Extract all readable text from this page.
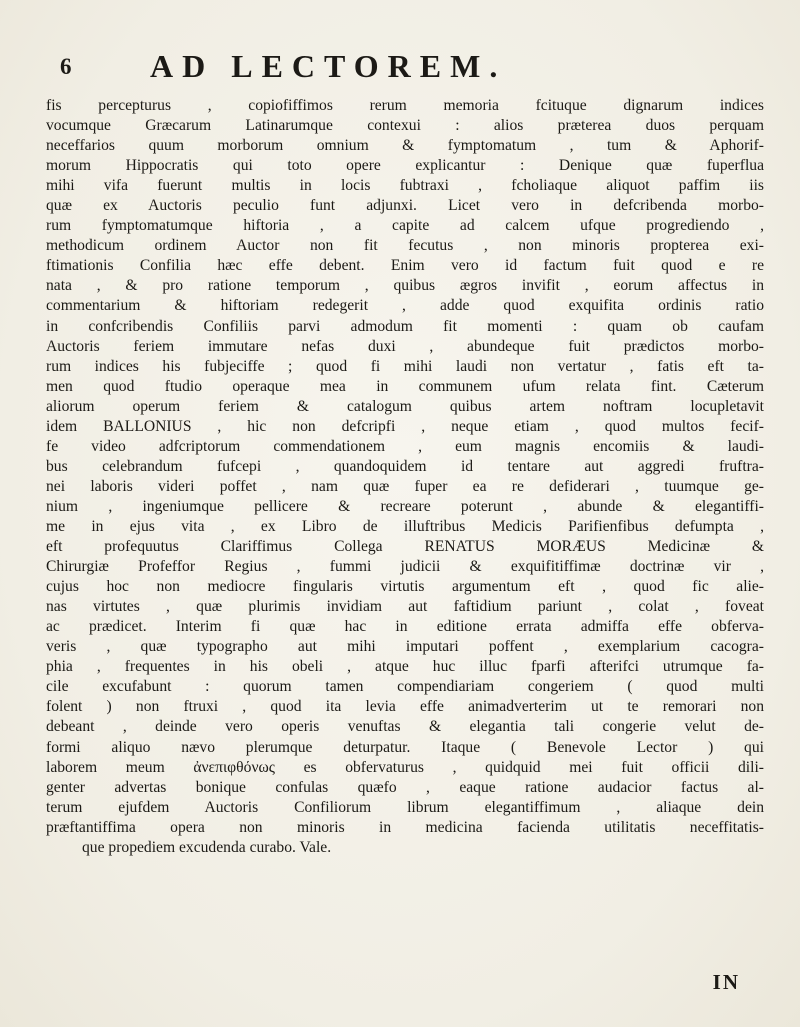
6 AD LECTOREM.
fis percepturus , copiofiffimos rerum memoria fcituque dignarum indices
vocumque Græcarum Latinarumque contexui : alios præterea duos perquam
neceffarios quum morborum omnium & fymptomatum , tum & Aphorif-
morum Hippocratis qui toto opere explicantur : Denique quæ fuperflua
mihi vifa fuerunt multis in locis fubtraxi , fcholiaque aliquot paffim iis
quæ ex Auctoris peculio funt adjunxi. Licet vero in defcribenda morbo-
rum fymptomatumque hiftoria , a capite ad calcem ufque progrediendo ,
methodicum ordinem Auctor non fit fecutus , non minoris propterea exi-
ftimationis Confilia hæc effe debent. Enim vero id factum fuit quod e re
nata , & pro ratione temporum , quibus ægros invifit , eorum affectus in
commentarium & hiftoriam redegerit , adde quod exquifita ordinis ratio
in confcribendis Confiliis parvi admodum fit momenti : quam ob caufam
Auctoris feriem immutare nefas duxi , abundeque fuit prædictos morbo-
rum indices his fubjeciffe ; quod fi mihi laudi non vertatur , fatis eft ta-
men quod ftudio operaque mea in communem ufum relata fint. Cæterum
aliorum operum feriem & catalogum quibus artem noftram locupletavit
idem BALLONIUS , hic non defcripfi , neque etiam , quod multos fecif-
fe video adfcriptorum commendationem , eum magnis encomiis & laudi-
bus celebrandum fufcepi , quandoquidem id tentare aut aggredi fruftra-
nei laboris videri poffet , nam quæ fuper ea re defiderari , tuumque ge-
nium , ingeniumque pellicere & recreare poterunt , abunde & elegantiffi-
me in ejus vita , ex Libro de illuftribus Medicis Parifienfibus defumpta ,
eft profequutus Clariffimus Collega RENATUS MORÆUS Medicinæ &
Chirurgiæ Profeffor Regius , fummi judicii & exquifitiffimæ doctrinæ vir ,
cujus hoc non mediocre fingularis virtutis argumentum eft , quod fic alie-
nas virtutes , quæ plurimis invidiam aut faftidium pariunt , colat , foveat
ac prædicet. Interim fi quæ hac in editione errata admiffa effe obferva-
veris , quæ typographo aut mihi imputari poffent , exemplarium cacogra-
phia , frequentes in his obeli , atque huc illuc fparfi afterifci utrumque fa-
cile excufabunt : quorum tamen compendiariam congeriem ( quod multi
folent ) non ftruxi , quod ita levia effe animadverterim ut te remorari non
debeant , deinde vero operis venuftas & elegantia tali congerie velut de-
formi aliquo nævo plerumque deturpatur. Itaque ( Benevole Lector ) qui
laborem meum ἀνεπιφθόνως es obfervaturus , quidquid mei fuit officii dili-
genter advertas bonique confulas quæfo , eaque ratione audacior factus al-
terum ejufdem Auctoris Confiliorum librum elegantiffimum , aliaque dein
præftantiffima opera non minoris in medicina facienda utilitatis neceffitatis-
que propediem excudenda curabo. Vale.
IN
